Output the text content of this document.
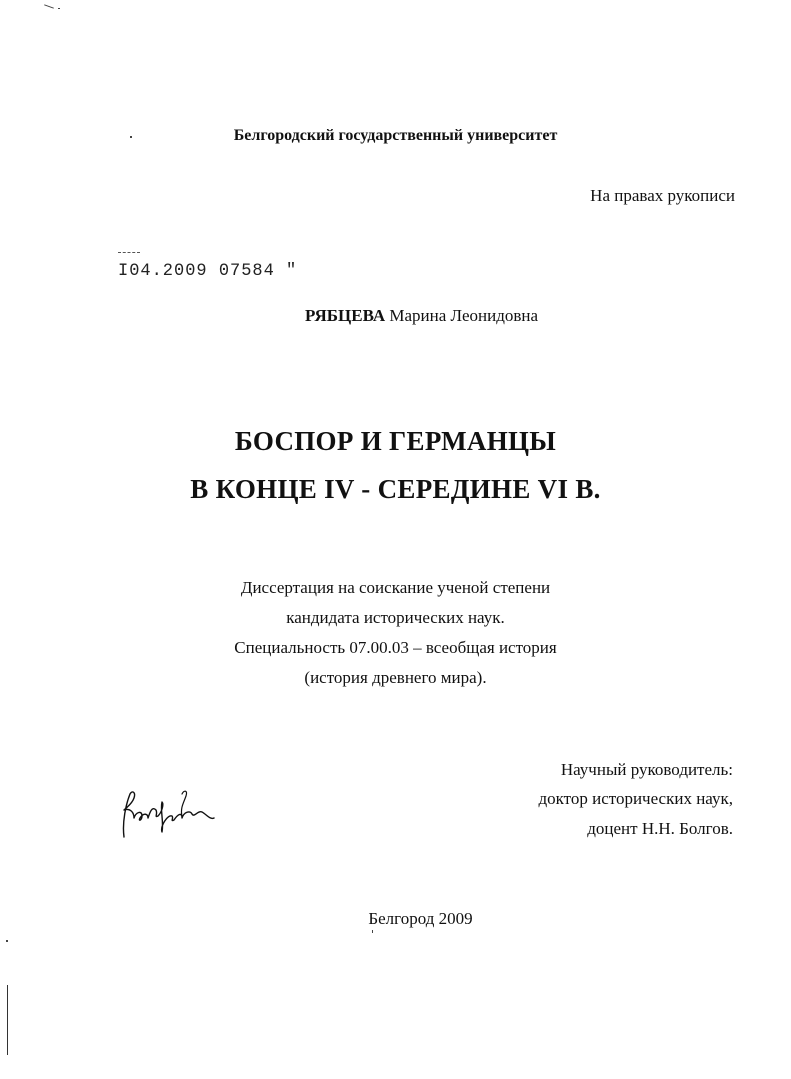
Белгородский государственный университет
На правах рукописи
I04.2009 07584 "
РЯБЦЕВА Марина Леонидовна
БОСПОР И ГЕРМАНЦЫ
В КОНЦЕ IV - СЕРЕДИНЕ VI В.
Диссертация на соискание ученой степени
кандидата исторических наук.
Специальность 07.00.03 – всеобщая история
(история древнего мира).
Научный руководитель:
доктор исторических наук,
доцент Н.Н. Болгов.
Белгород 2009
